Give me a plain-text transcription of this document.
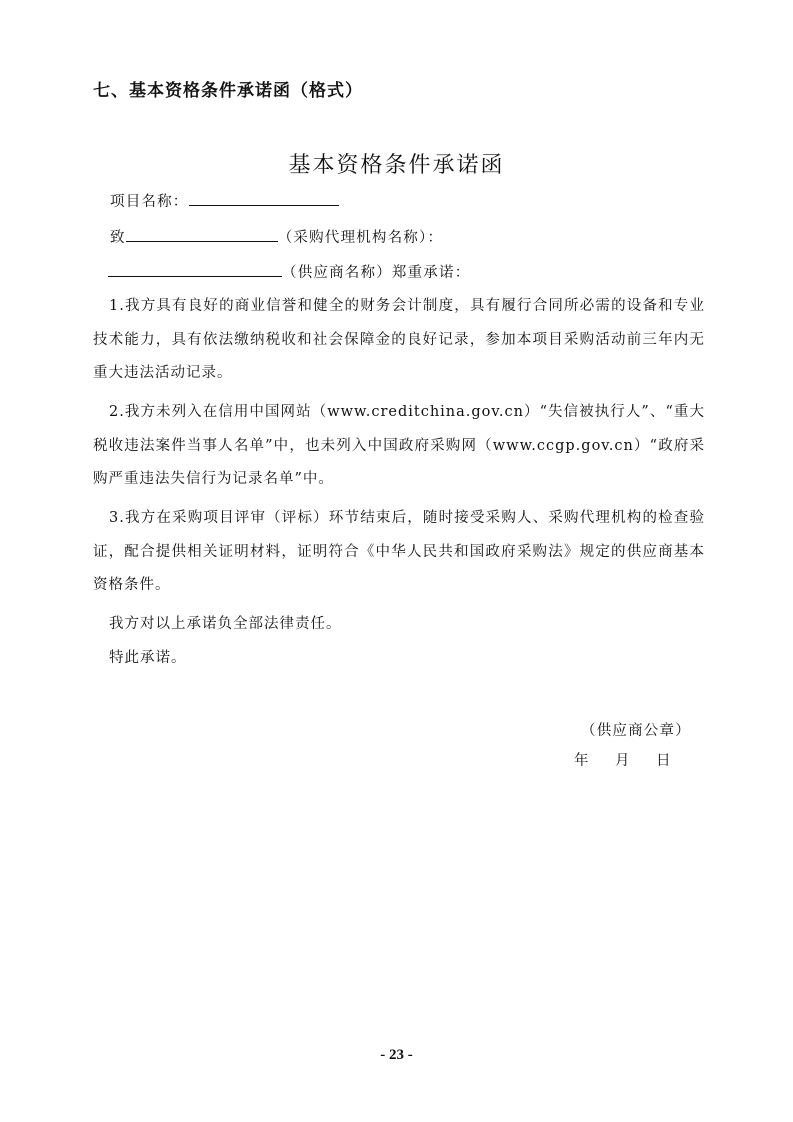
七、基本资格条件承诺函（格式）
基本资格条件承诺函
项目名称：
致	（采购代理机构名称）：
（供应商名称）郑重承诺：
1.我方具有良好的商业信誉和健全的财务会计制度，具有履行合同所必需的设备和专业技术能力，具有依法缴纳税收和社会保障金的良好记录，参加本项目采购活动前三年内无重大违法活动记录。
2.我方未列入在信用中国网站（www.creditchina.gov.cn）“失信被执行人”、“重大税收违法案件当事人名单”中，也未列入中国政府采购网（www.ccgp.gov.cn）“政府采购严重违法失信行为记录名单”中。
3.我方在采购项目评审（评标）环节结束后，随时接受采购人、采购代理机构的检查验证，配合提供相关证明材料，证明符合《中华人民共和国政府采购法》规定的供应商基本资格条件。
我方对以上承诺负全部法律责任。
特此承诺。
（供应商公章）
年 月 日
- 23 -
